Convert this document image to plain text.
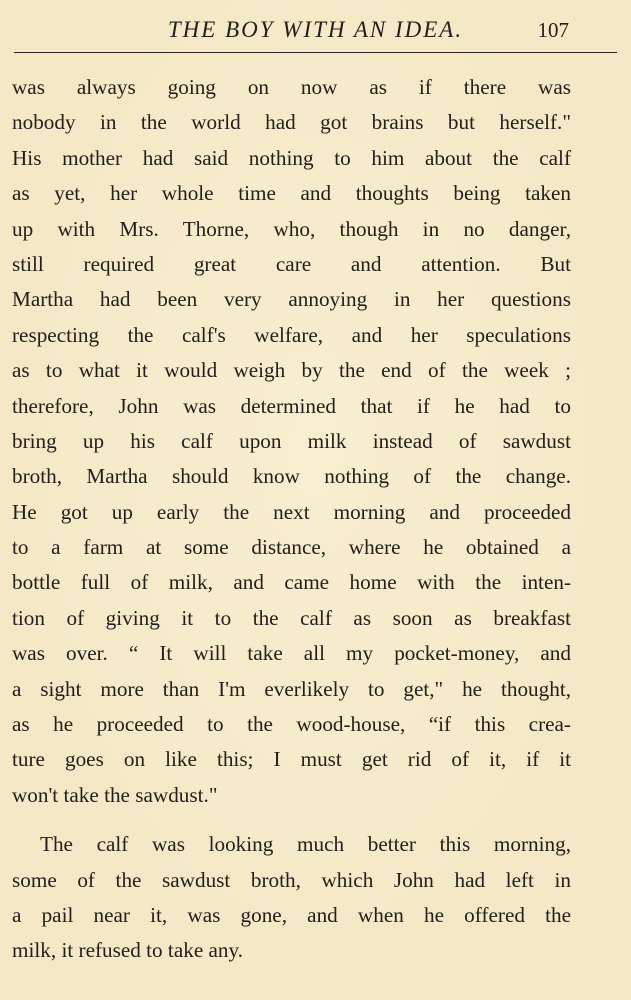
THE BOY WITH AN IDEA.	107
was always going on now as if there was
nobody in the world had got brains but herself."
His mother had said nothing to him about the calf
as yet, her whole time and thoughts being taken
up with Mrs. Thorne, who, though in no danger,
still required great care and attention. But
Martha had been very annoying in her questions
respecting the calf's welfare, and her speculations
as to what it would weigh by the end of the week ;
therefore, John was determined that if he had to
bring up his calf upon milk instead of sawdust
broth, Martha should know nothing of the change.
He got up early the next morning and proceeded
to a farm at some distance, where he obtained a
bottle full of milk, and came home with the inten-
tion of giving it to the calf as soon as breakfast
was over. “ It will take all my pocket-money, and
a sight more than I'm everlikely to get," he thought,
as he proceeded to the wood-house, “if this crea-
ture goes on like this; I must get rid of it, if it
won't take the sawdust."
The calf was looking much better this morning,
some of the sawdust broth, which John had left in
a pail near it, was gone, and when he offered the
milk, it refused to take any.
